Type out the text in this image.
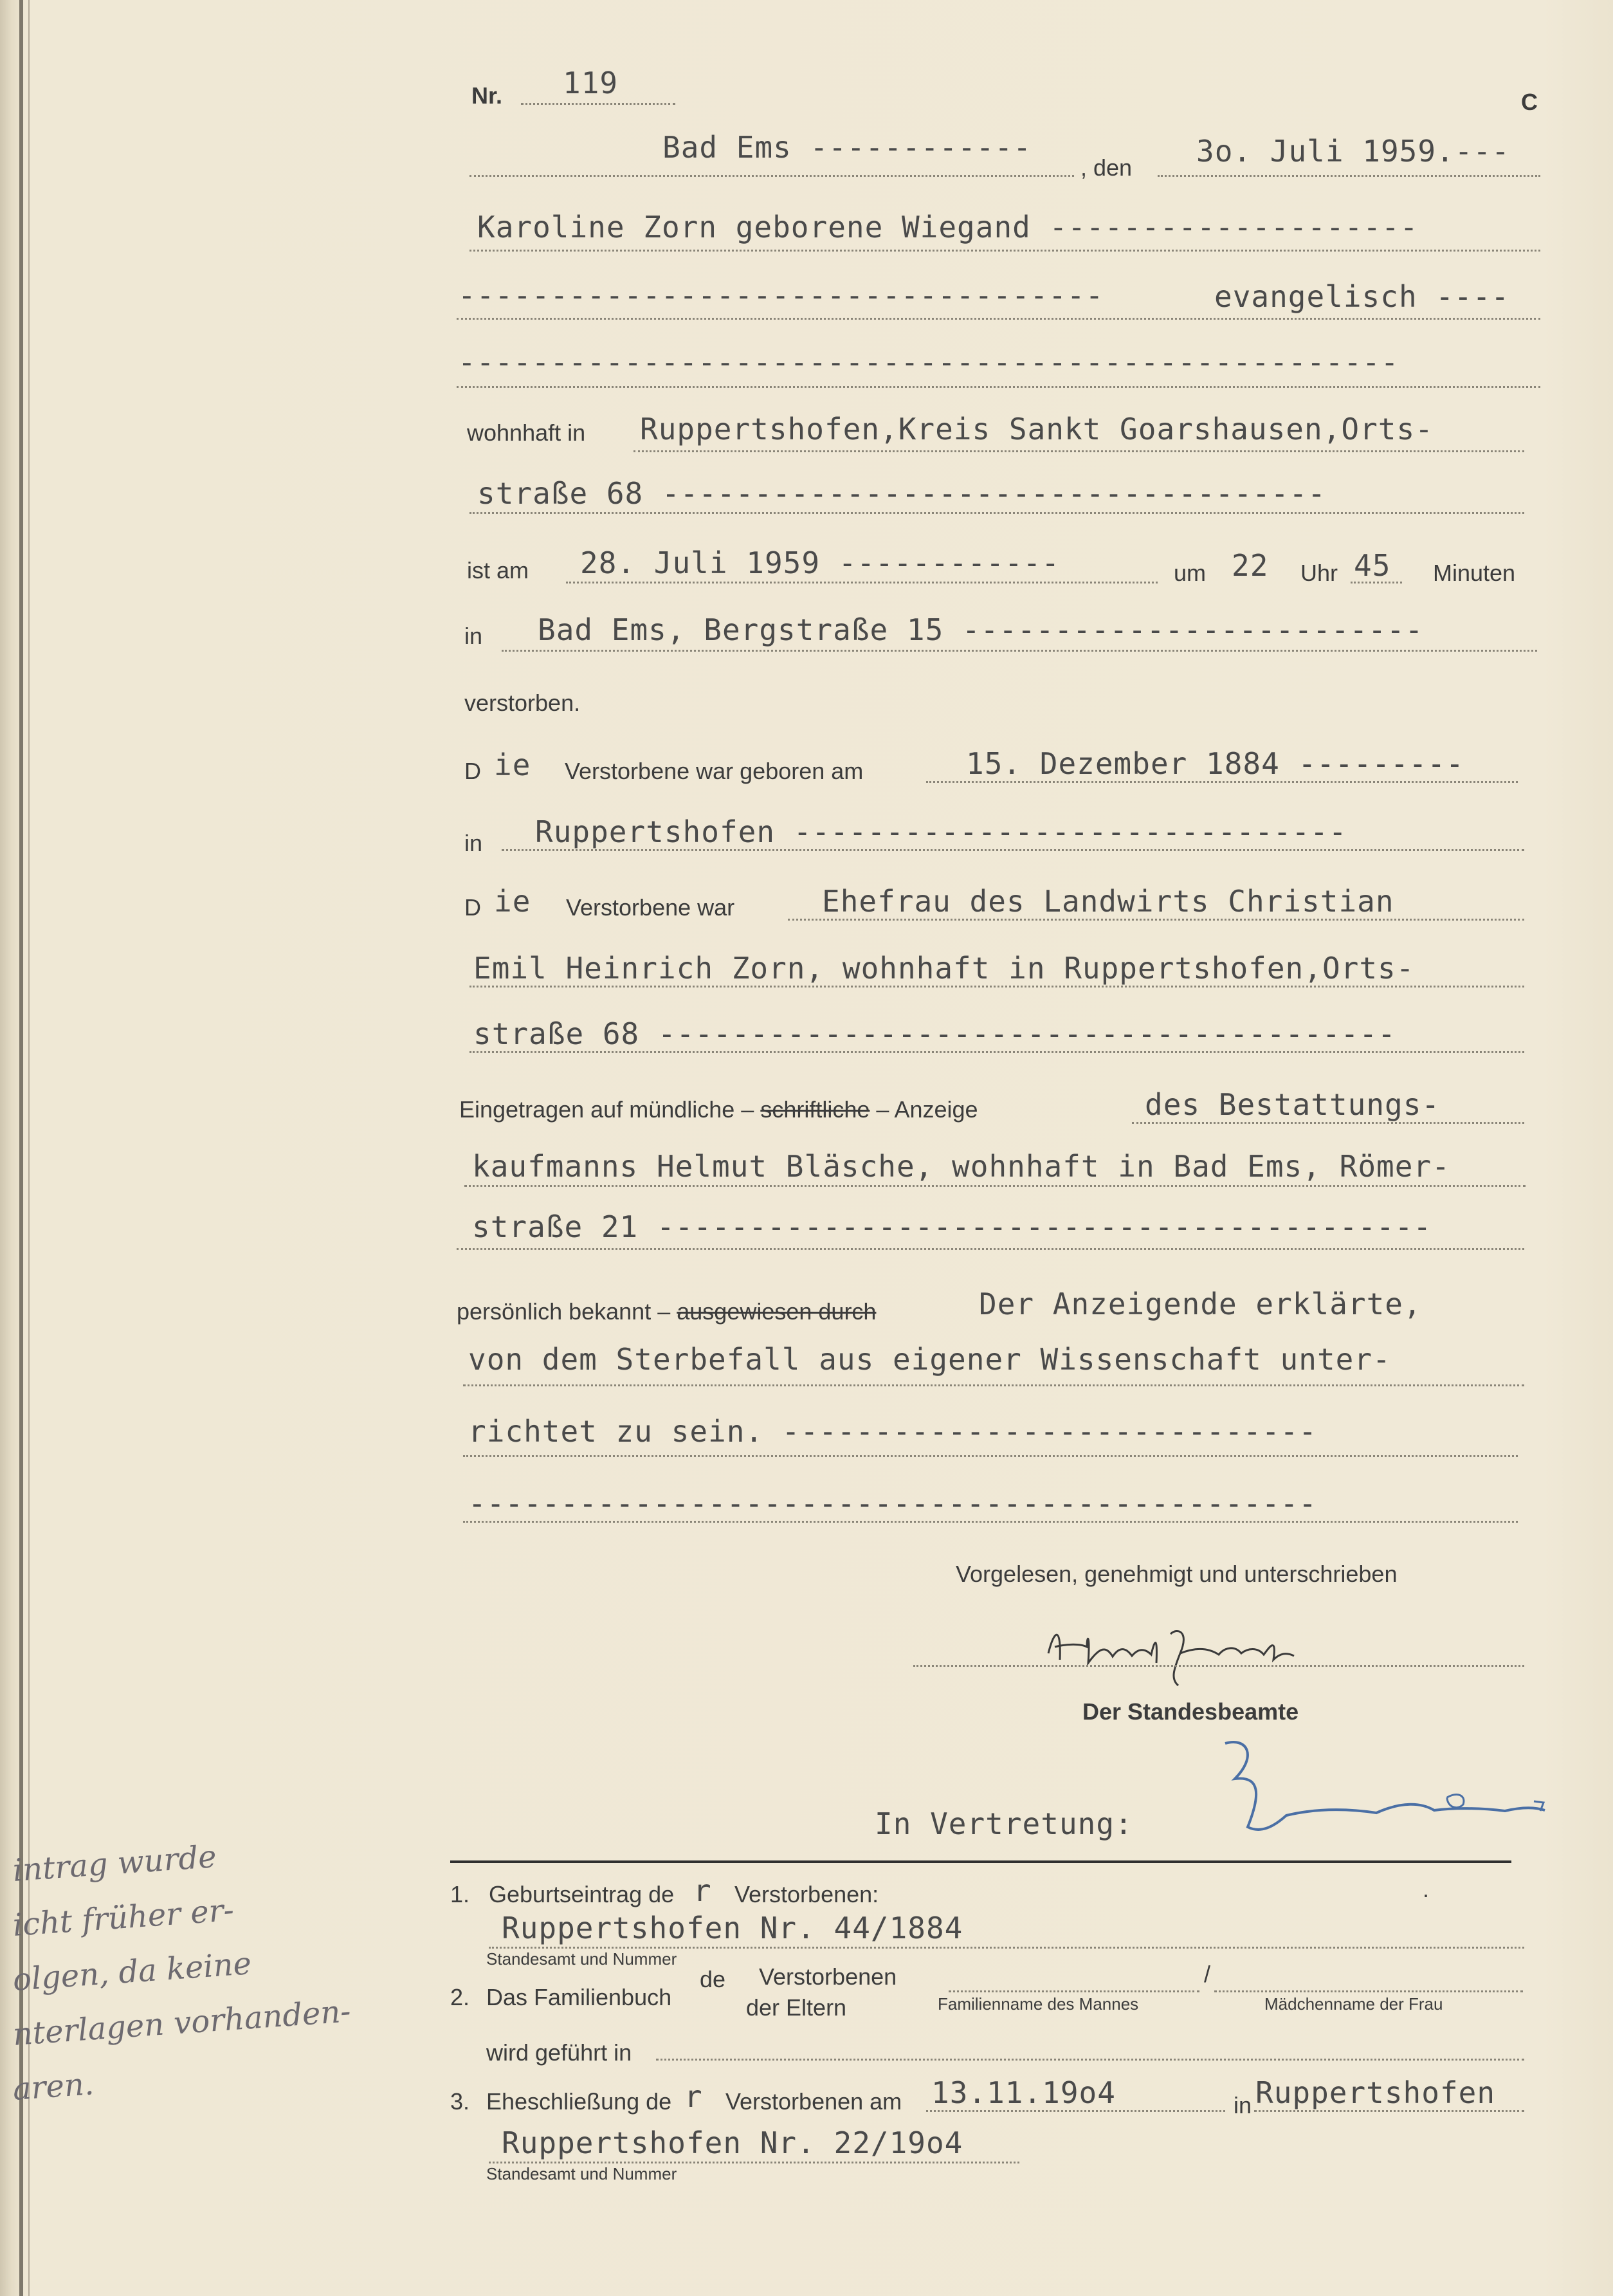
Nr. 119
C
Bad Ems ------------
, den 3o. Juli 1959.---
Karoline Zorn geborene Wiegand --------------------
-----------------------------------	evangelisch ----
---------------------------------------------------
wohnhaft in Ruppertshofen,Kreis Sankt Goarshausen,Orts-
straße 68 ------------------------------------
ist am 28. Juli 1959 ------------	um 22 Uhr 45 Minuten
in Bad Ems, Bergstraße 15 -------------------------
verstorben.
D ie Verstorbene war geboren am	15. Dezember 1884 ---------
in Ruppertshofen ------------------------------
D ie Verstorbene war	Ehefrau des Landwirts Christian
Emil Heinrich Zorn, wohnhaft in Ruppertshofen,Orts-
straße 68 ----------------------------------------
Eingetragen auf mündliche – schriftliche – Anzeige	des Bestattungs-
kaufmanns Helmut Bläsche, wohnhaft in Bad Ems, Römer-
straße 21 ------------------------------------------
persönlich bekannt – ausgewiesen durch	Der Anzeigende erklärte,
von dem Sterbefall aus eigener Wissenschaft unter-
richtet zu sein. -----------------------------
----------------------------------------------
Vorgelesen, genehmigt und unterschrieben
Der Standesbeamte
In Vertretung:
1. Geburtseintrag de r Verstorbenen:	.
Ruppertshofen Nr. 44/1884
Standesamt und Nummer
2. Das Familienbuch
de Verstorbenen
der Eltern
/
Familienname des Mannes	Mädchenname der Frau
wird geführt in
3. Eheschließung de r Verstorbenen am 13.11.19o4	in Ruppertshofen
Ruppertshofen Nr. 22/19o4
Standesamt und Nummer
intrag wurde
icht früher er-
olgen, da keine
nterlagen vorhanden-
aren.
